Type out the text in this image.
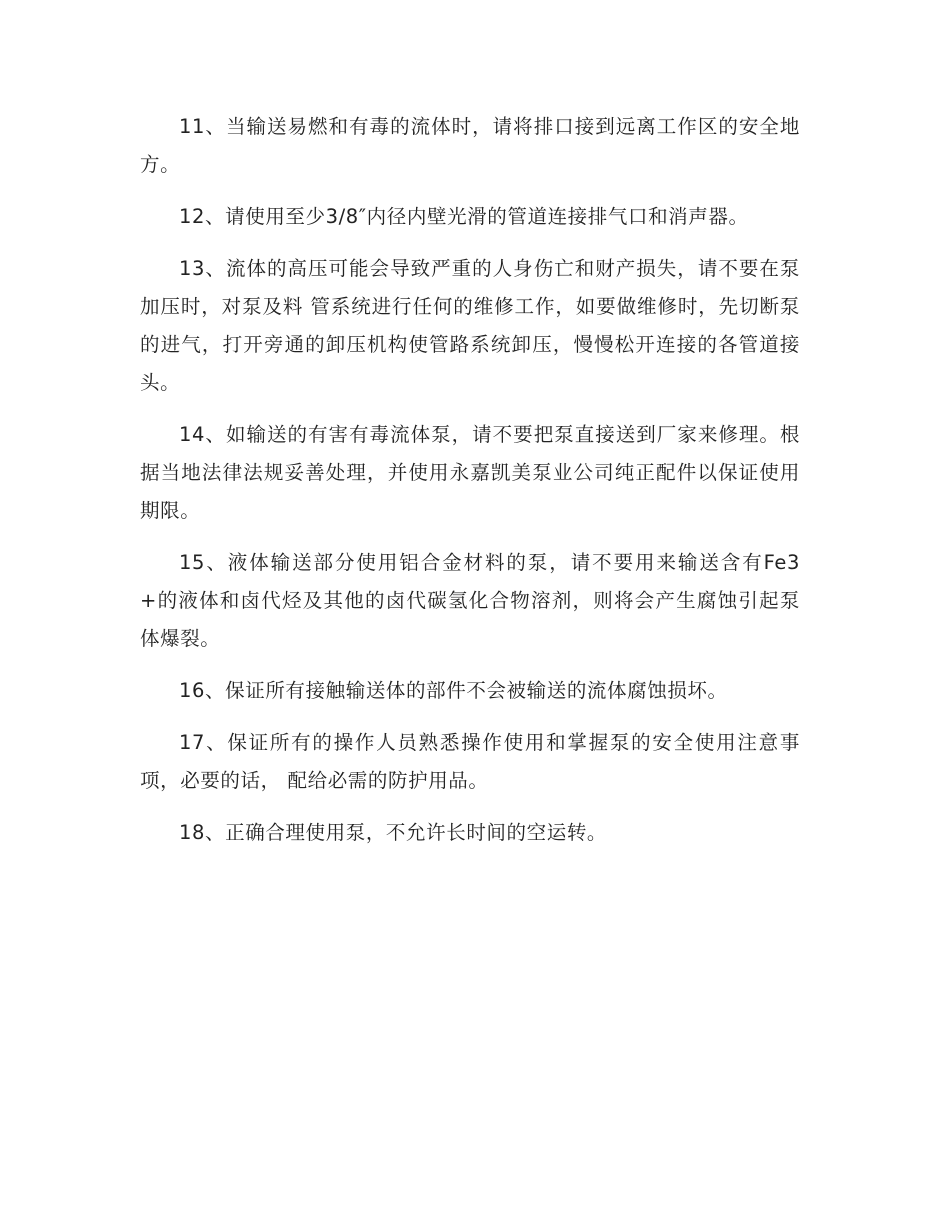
11、当输送易燃和有毒的流体时，请将排口接到远离工作区的安全地方。

12、请使用至少3/8″内径内壁光滑的管道连接排气口和消声器。

13、流体的高压可能会导致严重的人身伤亡和财产损失，请不要在泵加压时，对泵及料 管系统进行任何的维修工作，如要做维修时，先切断泵的进气，打开旁通的卸压机构使管路系统卸压，慢慢松开连接的各管道接头。

14、如输送的有害有毒流体泵，请不要把泵直接送到厂家来修理。根据当地法律法规妥善处理，并使用永嘉凯美泵业公司纯正配件以保证使用期限。

15、液体输送部分使用铝合金材料的泵，请不要用来输送含有Fe3+的液体和卤代烃及其他的卤代碳氢化合物溶剂，则将会产生腐蚀引起泵体爆裂。

16、保证所有接触输送体的部件不会被输送的流体腐蚀损坏。

17、保证所有的操作人员熟悉操作使用和掌握泵的安全使用注意事项，必要的话， 配给必需的防护用品。

18、正确合理使用泵，不允许长时间的空运转。
